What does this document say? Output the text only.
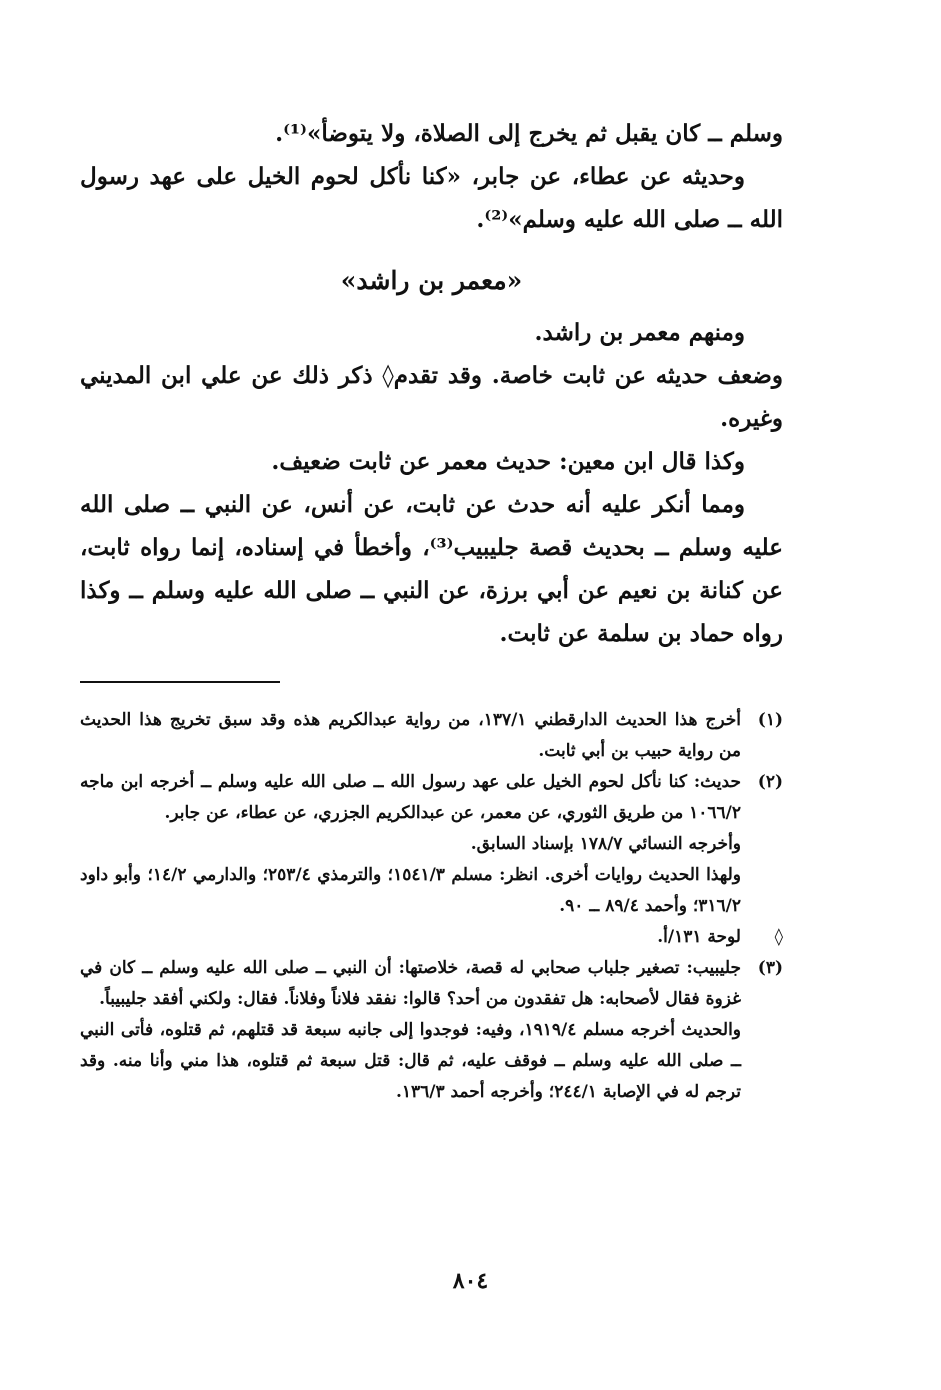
وسلم ــ كان يقبل ثم يخرج إلى الصلاة، ولا يتوضأ»⁽¹⁾.

وحديثه عن عطاء، عن جابر، «كنا نأكل لحوم الخيل على عهد رسول الله ــ صلى الله عليه وسلم»⁽²⁾.

«معمر بن راشد»

ومنهم معمر بن راشد.

وضعف حديثه عن ثابت خاصة. وقد تقدم◊ ذكر ذلك عن علي ابن المديني وغيره.

وكذا قال ابن معين: حديث معمر عن ثابت ضعيف.

ومما أنكر عليه أنه حدث عن ثابت، عن أنس، عن النبي ــ صلى الله عليه وسلم ــ بحديث قصة جليبيب⁽³⁾، وأخطأ في إسناده، إنما رواه ثابت، عن كنانة بن نعيم عن أبي برزة، عن النبي ــ صلى الله عليه وسلم ــ وكذا رواه حماد بن سلمة عن ثابت.

(١)
أخرج هذا الحديث الدارقطني ١٣٧/١، من رواية عبدالكريم هذه وقد سبق تخريج هذا الحديث من رواية حبيب بن أبي ثابت.
(٢)
حديث: كنا نأكل لحوم الخيل على عهد رسول الله ــ صلى الله عليه وسلم ــ أخرجه ابن ماجه ١٠٦٦/٢ من طريق الثوري، عن معمر، عن عبدالكريم الجزري، عن عطاء، عن جابر.
وأخرجه النسائي ١٧٨/٧ بإسناد السابق.
ولهذا الحديث روايات أخرى. انظر: مسلم ١٥٤١/٣؛ والترمذي ٢٥٣/٤؛ والدارمي ١٤/٢؛ وأبو داود ٣١٦/٢؛ وأحمد ٨٩/٤ ــ ٩٠.
◊
لوحة ١٣١/أ.
(٣)
جليبيب: تصغير جلباب صحابي له قصة، خلاصتها: أن النبي ــ صلى الله عليه وسلم ــ كان في غزوة فقال لأصحابه: هل تفقدون من أحد؟ قالوا: نفقد فلاناً وفلاناً. فقال: ولكني أفقد جليبيباً.
والحديث أخرجه مسلم ١٩١٩/٤، وفيه: فوجدوا إلى جانبه سبعة قد قتلهم، ثم قتلوه، فأتى النبي ــ صلى الله عليه وسلم ــ فوقف عليه، ثم قال: قتل سبعة ثم قتلوه، هذا مني وأنا منه. وقد ترجم له في الإصابة ٢٤٤/١؛ وأخرجه أحمد ١٣٦/٣.
٨٠٤
